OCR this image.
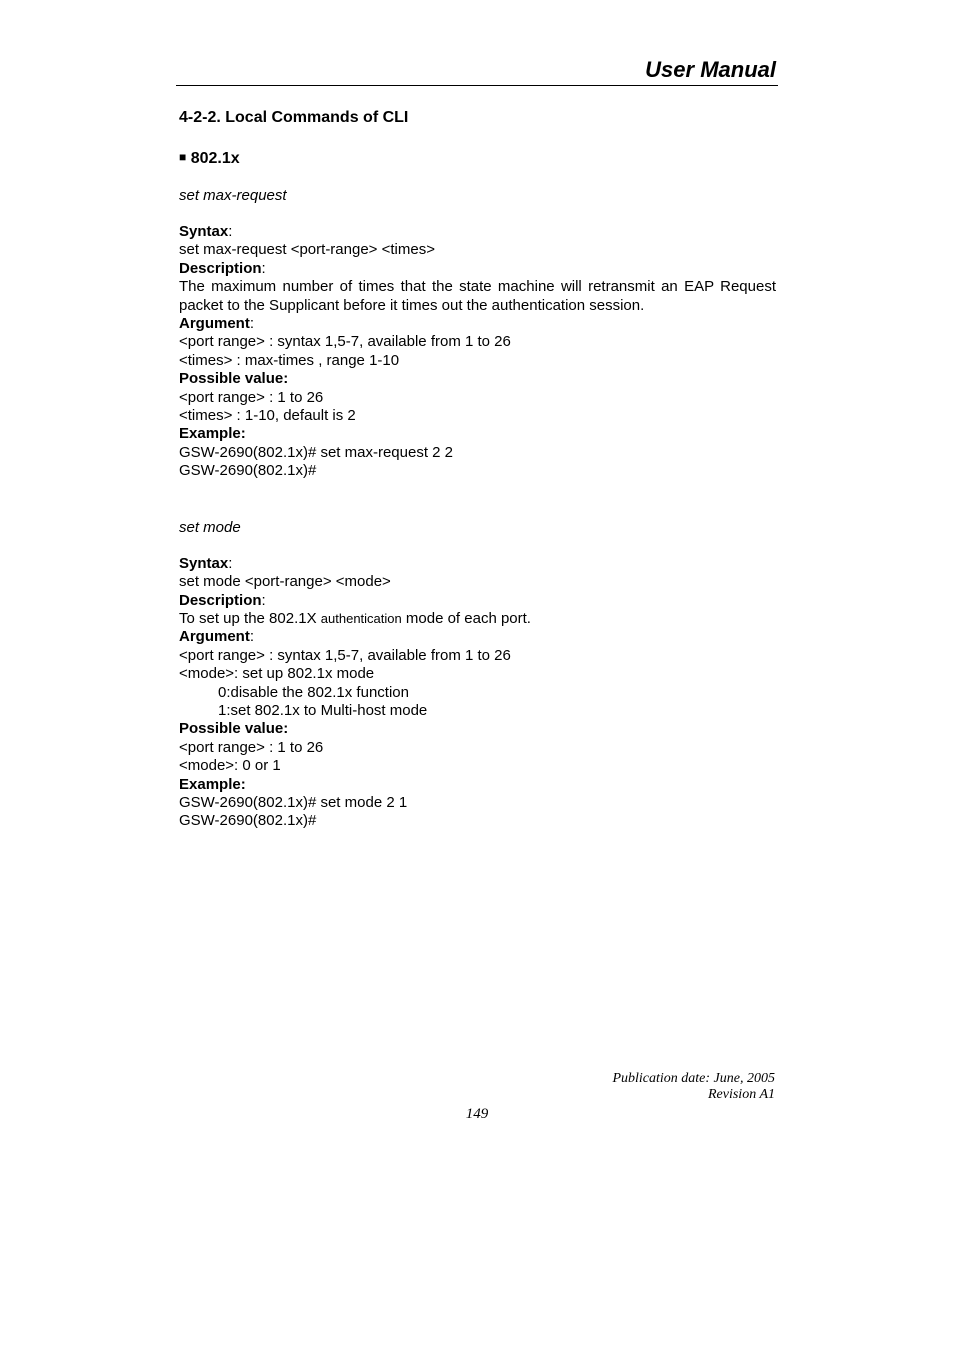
User Manual

4-2-2. Local Commands of CLI

■ 802.1x

set max-request

Syntax:

set max-request <port-range> <times>

Description:

The maximum number of times that the state machine will retransmit an EAP Request packet to the Supplicant before it times out the authentication session.

Argument:

<port range> : syntax 1,5-7, available from 1 to 26

<times> : max-times , range 1-10

Possible value:

<port range> : 1 to 26

<times> : 1-10, default is 2

Example:

GSW-2690(802.1x)# set max-request 2 2

GSW-2690(802.1x)#

set mode

Syntax:

set mode <port-range> <mode>

Description:

To set up the 802.1X authentication mode of each port.

Argument:

<port range> : syntax 1,5-7, available from 1 to 26

<mode>: set up 802.1x mode

0:disable the 802.1x function

1:set 802.1x to Multi-host mode

Possible value:

<port range> : 1 to 26

<mode>: 0 or 1

Example:

GSW-2690(802.1x)# set mode 2 1

GSW-2690(802.1x)#

Publication date: June, 2005

Revision A1

149
